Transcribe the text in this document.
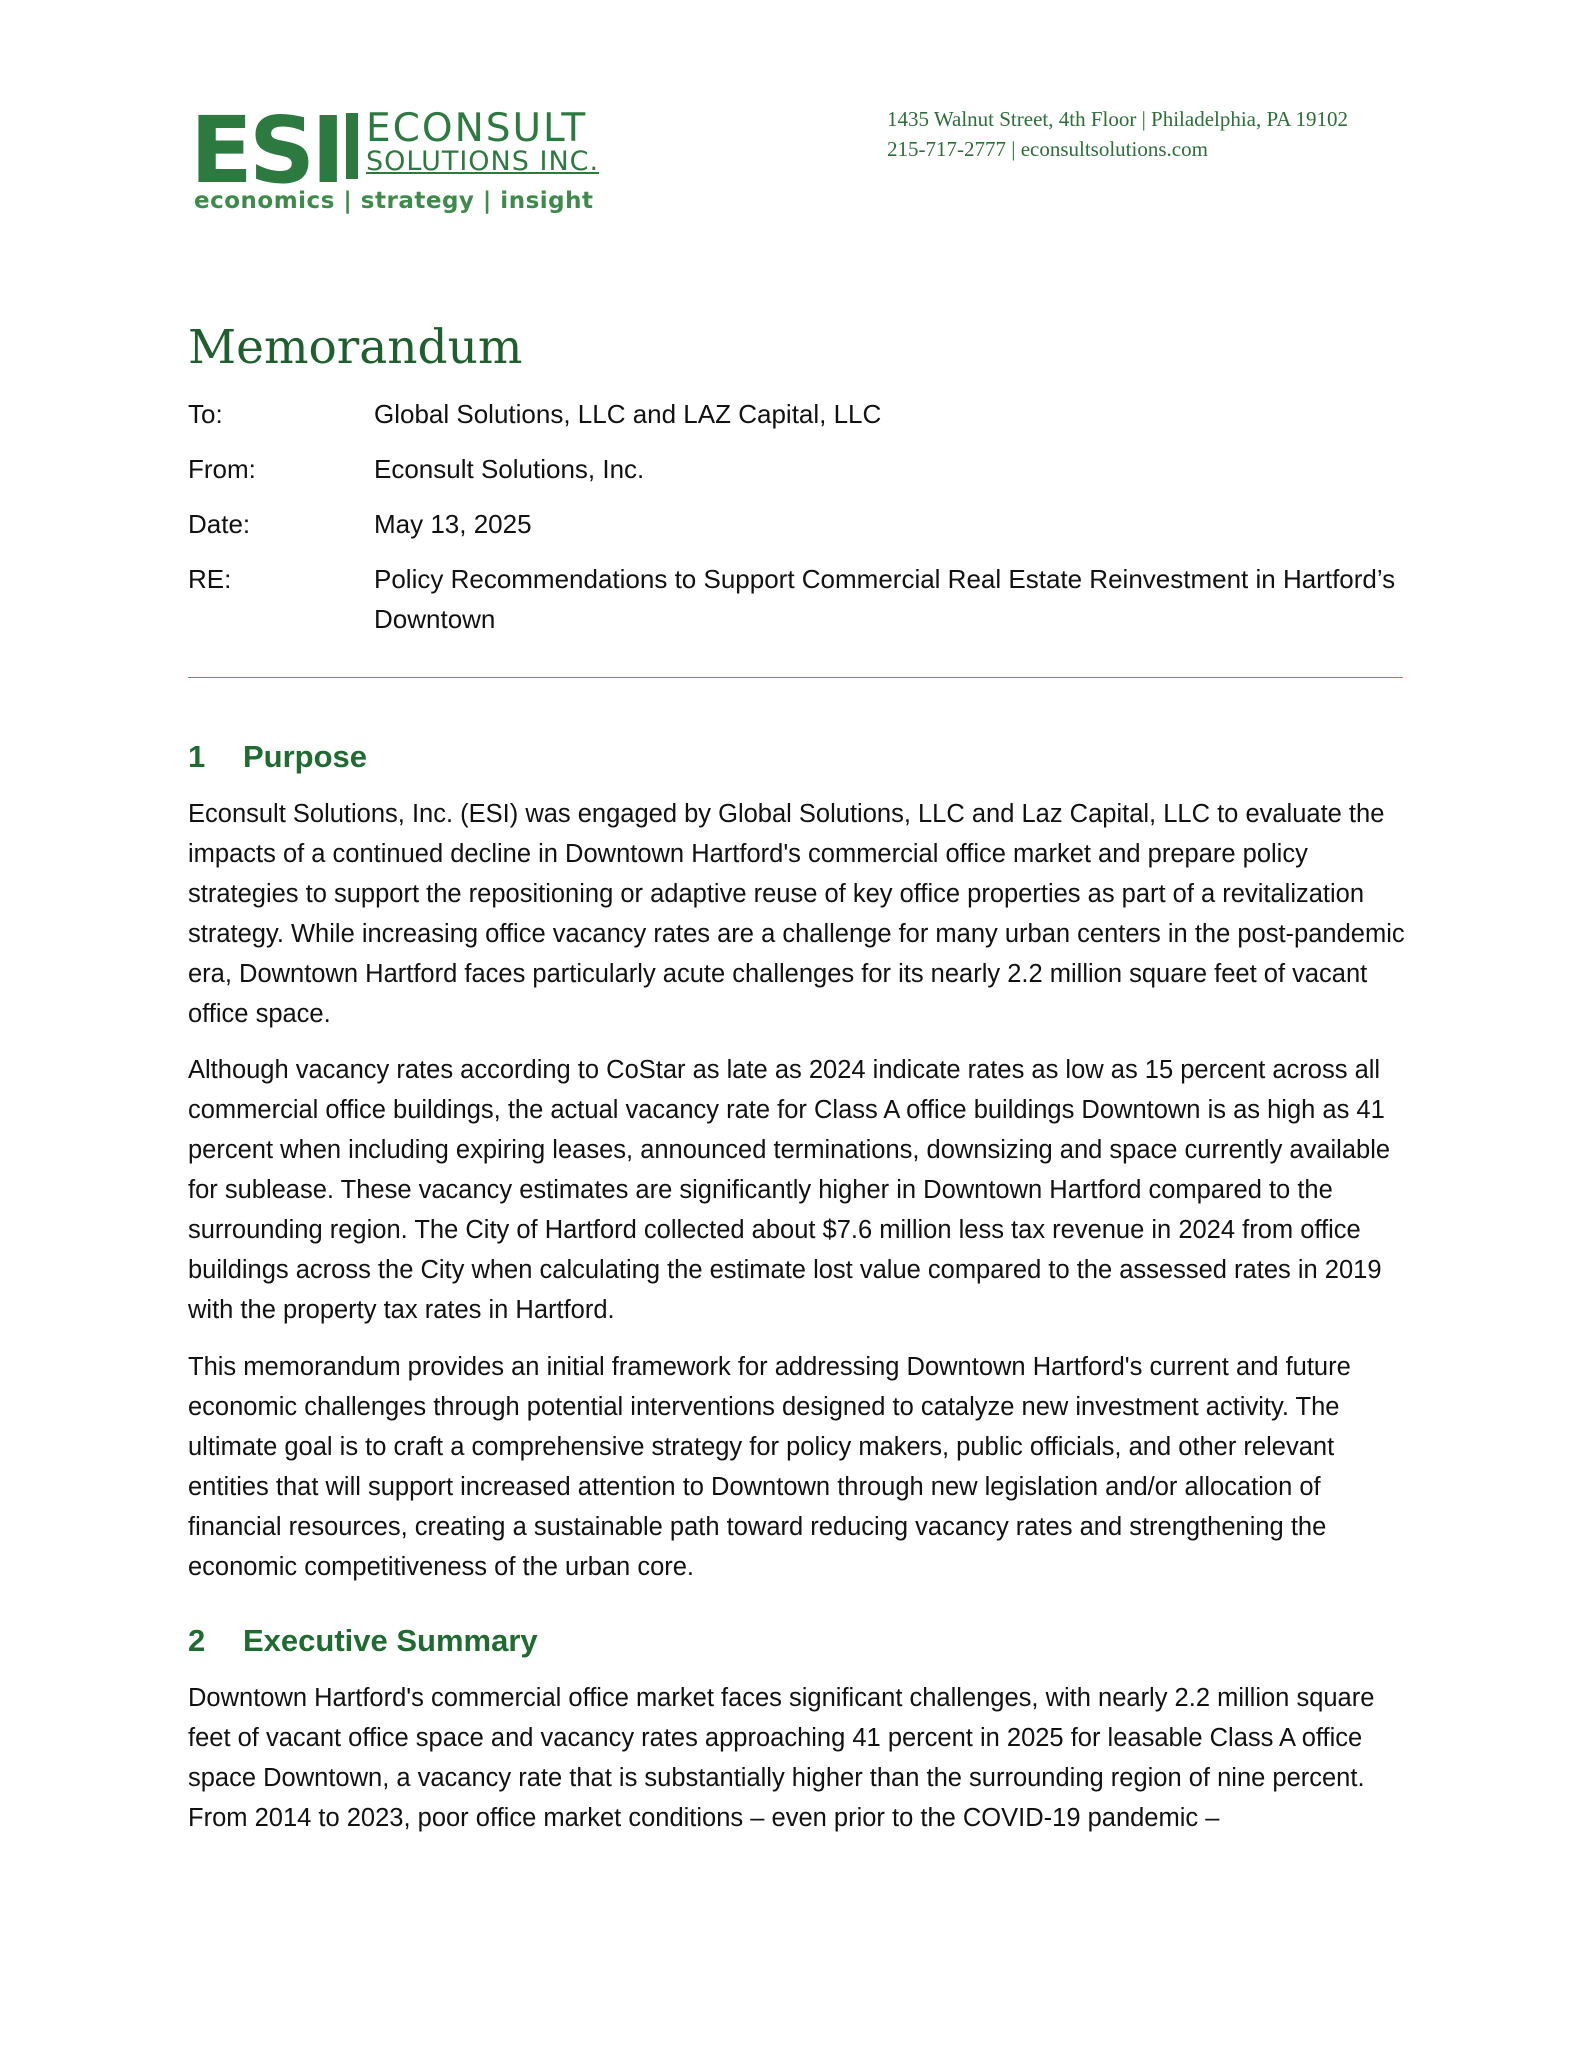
ESI ECONSULT
SOLUTIONS INC.
economics | strategy | insight
1435 Walnut Street, 4th Floor | Philadelphia, PA 19102
215-717-2777 | econsultsolutions.com
Memorandum
To:	Global Solutions, LLC and LAZ Capital, LLC
From:	Econsult Solutions, Inc.
Date:	May 13, 2025
RE:	Policy Recommendations to Support Commercial Real Estate Reinvestment in Hartford’s Downtown
1 Purpose
Econsult Solutions, Inc. (ESI) was engaged by Global Solutions, LLC and Laz Capital, LLC to evaluate the impacts of a continued decline in Downtown Hartford's commercial office market and prepare policy strategies to support the repositioning or adaptive reuse of key office properties as part of a revitalization strategy. While increasing office vacancy rates are a challenge for many urban centers in the post-pandemic era, Downtown Hartford faces particularly acute challenges for its nearly 2.2 million square feet of vacant office space.
Although vacancy rates according to CoStar as late as 2024 indicate rates as low as 15 percent across all commercial office buildings, the actual vacancy rate for Class A office buildings Downtown is as high as 41 percent when including expiring leases, announced terminations, downsizing and space currently available for sublease. These vacancy estimates are significantly higher in Downtown Hartford compared to the surrounding region. The City of Hartford collected about $7.6 million less tax revenue in 2024 from office buildings across the City when calculating the estimate lost value compared to the assessed rates in 2019 with the property tax rates in Hartford.
This memorandum provides an initial framework for addressing Downtown Hartford's current and future economic challenges through potential interventions designed to catalyze new investment activity. The ultimate goal is to craft a comprehensive strategy for policy makers, public officials, and other relevant entities that will support increased attention to Downtown through new legislation and/or allocation of financial resources, creating a sustainable path toward reducing vacancy rates and strengthening the economic competitiveness of the urban core.
2 Executive Summary
Downtown Hartford's commercial office market faces significant challenges, with nearly 2.2 million square feet of vacant office space and vacancy rates approaching 41 percent in 2025 for leasable Class A office space Downtown, a vacancy rate that is substantially higher than the surrounding region of nine percent. From 2014 to 2023, poor office market conditions – even prior to the COVID-19 pandemic –
